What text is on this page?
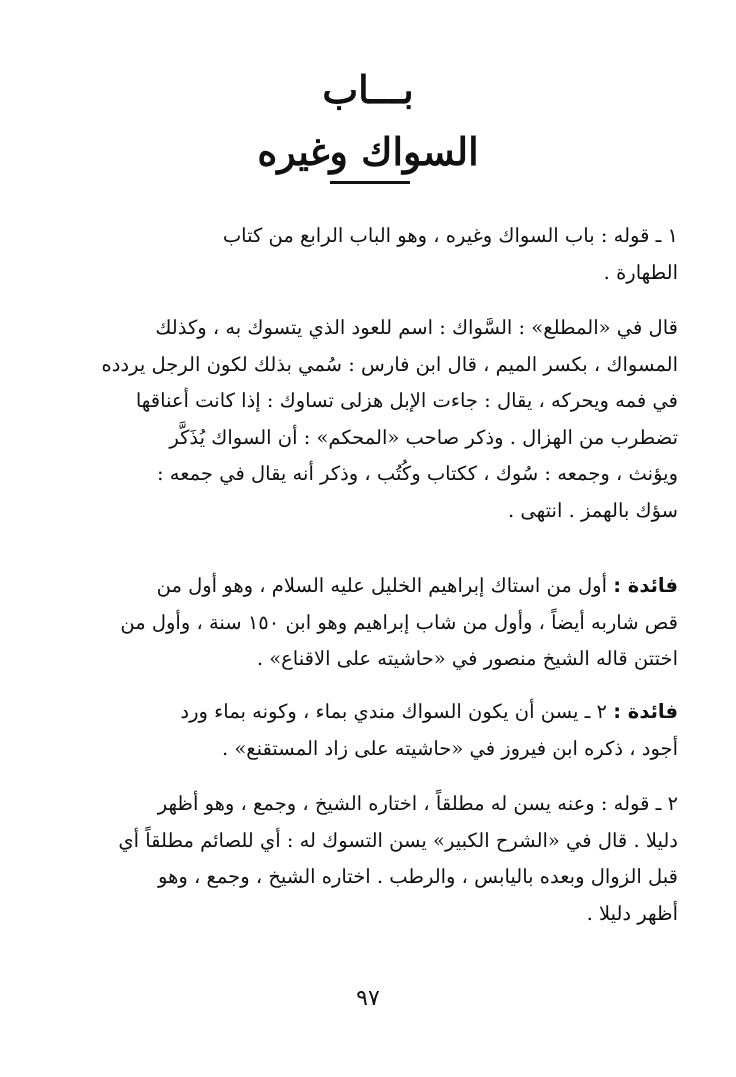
بـــاب
السواك وغيره
١ ـ قوله : باب السواك وغيره ، وهو الباب الرابع من كتاب
الطهارة .
قال في «المطلع» : السَّواك : اسم للعود الذي يتسوك به ، وكذلك
المسواك ، بكسر الميم ، قال ابن فارس : سُمي بذلك لكون الرجل يردده
في فمه ويحركه ، يقال : جاءت الإبل هزلى تساوك : إذا كانت أعناقها
تضطرب من الهزال . وذكر صاحب «المحكم» : أن السواك يُذَكَّر
ويؤنث ، وجمعه : سُوك ، ككتاب وكُتُب ، وذكر أنه يقال في جمعه :
سؤك بالهمز . انتهى .
فائدة : أول من استاك إبراهيم الخليل عليه السلام ، وهو أول من
قص شاربه أيضاً ، وأول من شاب إبراهيم وهو ابن ١٥٠ سنة ، وأول من
اختتن قاله الشيخ منصور في «حاشيته على الاقناع» .
فائدة : ٢ ـ يسن أن يكون السواك مندي بماء ، وكونه بماء ورد
أجود ، ذكره ابن فيروز في «حاشيته على زاد المستقنع» .
٢ ـ قوله : وعنه يسن له مطلقاً ، اختاره الشيخ ، وجمع ، وهو أظهر
دليلا . قال في «الشرح الكبير» يسن التسوك له : أي للصائم مطلقاً أي
قبل الزوال وبعده باليابس ، والرطب . اختاره الشيخ ، وجمع ، وهو
أظهر دليلا .
٩٧
